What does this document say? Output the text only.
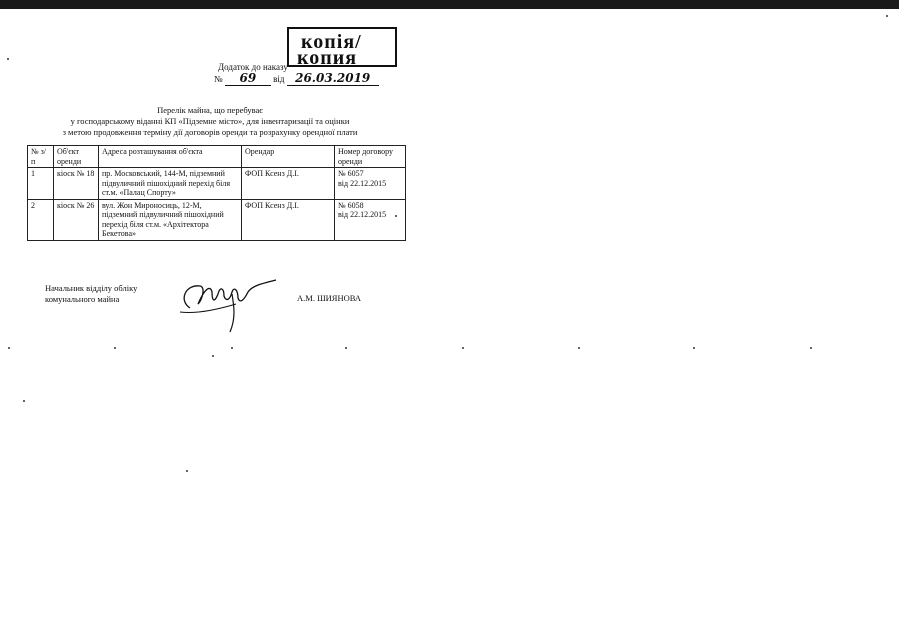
копія/
копия
Додаток до наказу
№ 69 від 26.03.2019
Перелік майна, що перебуває
у господарському віданні КП «Підземне місто», для інвентаризації та оцінки
з метою продовження терміну дії договорів оренди та розрахунку орендної плати
№ з/п	Об'єкт оренди	Адреса розташування об'єкта	Орендар	Номер договору оренди
1	кіоск № 18	пр. Московський, 144-М, підземний підвуличний пішохідний перехід біля ст.м. «Палац Спорту»	ФОП Ксенз Д.І.	№ 6057
від 22.12.2015

2	кіоск № 26	вул. Жон Мироносиць, 12-М, підземний підвуличний пішохідний перехід біля ст.м. «Архітектора Бекетова»	ФОП Ксенз Д.І.	№ 6058
від 22.12.2015
Начальник відділу обліку комунального майна	А.М. ШИЯНОВА
